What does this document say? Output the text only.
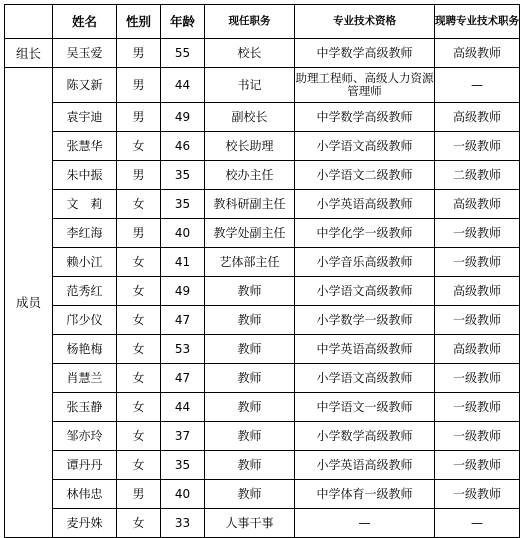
	姓名	性别	年龄	现任职务	专业技术资格	现聘专业技术职务
组长	吴玉爱	男	55	校长	中学数学高级教师	高级教师
成员	陈又新	男	44	书记	助理工程师、高级人力资源管理师	—
	袁宇迪	男	49	副校长	中学数学高级教师	高级教师
	张慧华	女	46	校长助理	小学语文高级教师	一级教师
	朱中振	男	35	校办主任	小学语文二级教师	二级教师
	文　莉	女	35	教科研副主任	小学英语高级教师	高级教师
	李红海	男	40	教学处副主任	中学化学一级教师	一级教师
	赖小江	女	41	艺体部主任	小学音乐高级教师	一级教师
	范秀红	女	49	教师	小学语文高级教师	高级教师
	邝少仪	女	47	教师	小学数学一级教师	一级教师
	杨艳梅	女	53	教师	中学英语高级教师	高级教师
	肖慧兰	女	47	教师	小学语文高级教师	一级教师
	张玉静	女	44	教师	中学语文一级教师	一级教师
	邹亦玲	女	37	教师	小学数学高级教师	一级教师
	谭丹丹	女	35	教师	小学英语高级教师	一级教师
	林伟忠	男	40	教师	中学体育一级教师	一级教师
	麦丹姝	女	33	人事干事	—	—
